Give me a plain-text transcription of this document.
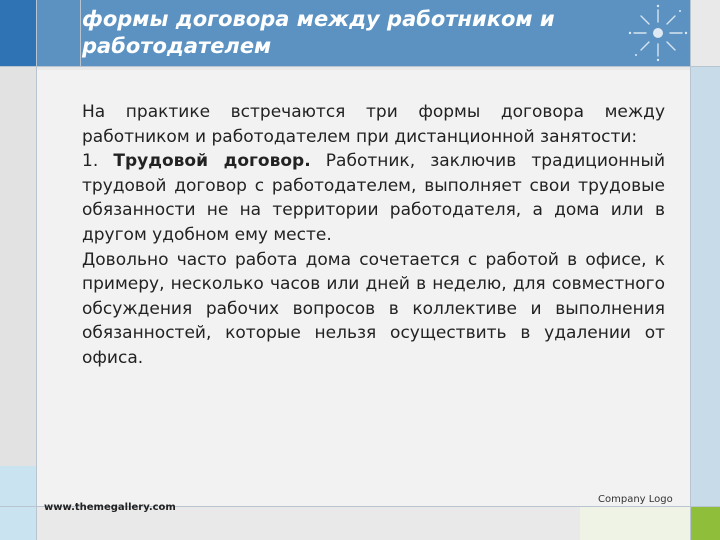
формы договора между работником и работодателем

На практике встречаются три формы договора между работником и работодателем при дистанционной занятости:

1. Трудовой договор. Работник, заключив традиционный трудовой договор с работодателем, выполняет свои трудовые обязанности не на территории работодателя, а дома или в другом удобном ему месте.

Довольно часто работа дома сочетается с работой в офисе, к примеру, несколько часов или дней в неделю, для совместного обсуждения рабочих вопросов в коллективе и выполнения обязанностей, которые нельзя осуществить в удалении от офиса.

www.themegallery.com
Company Logo
